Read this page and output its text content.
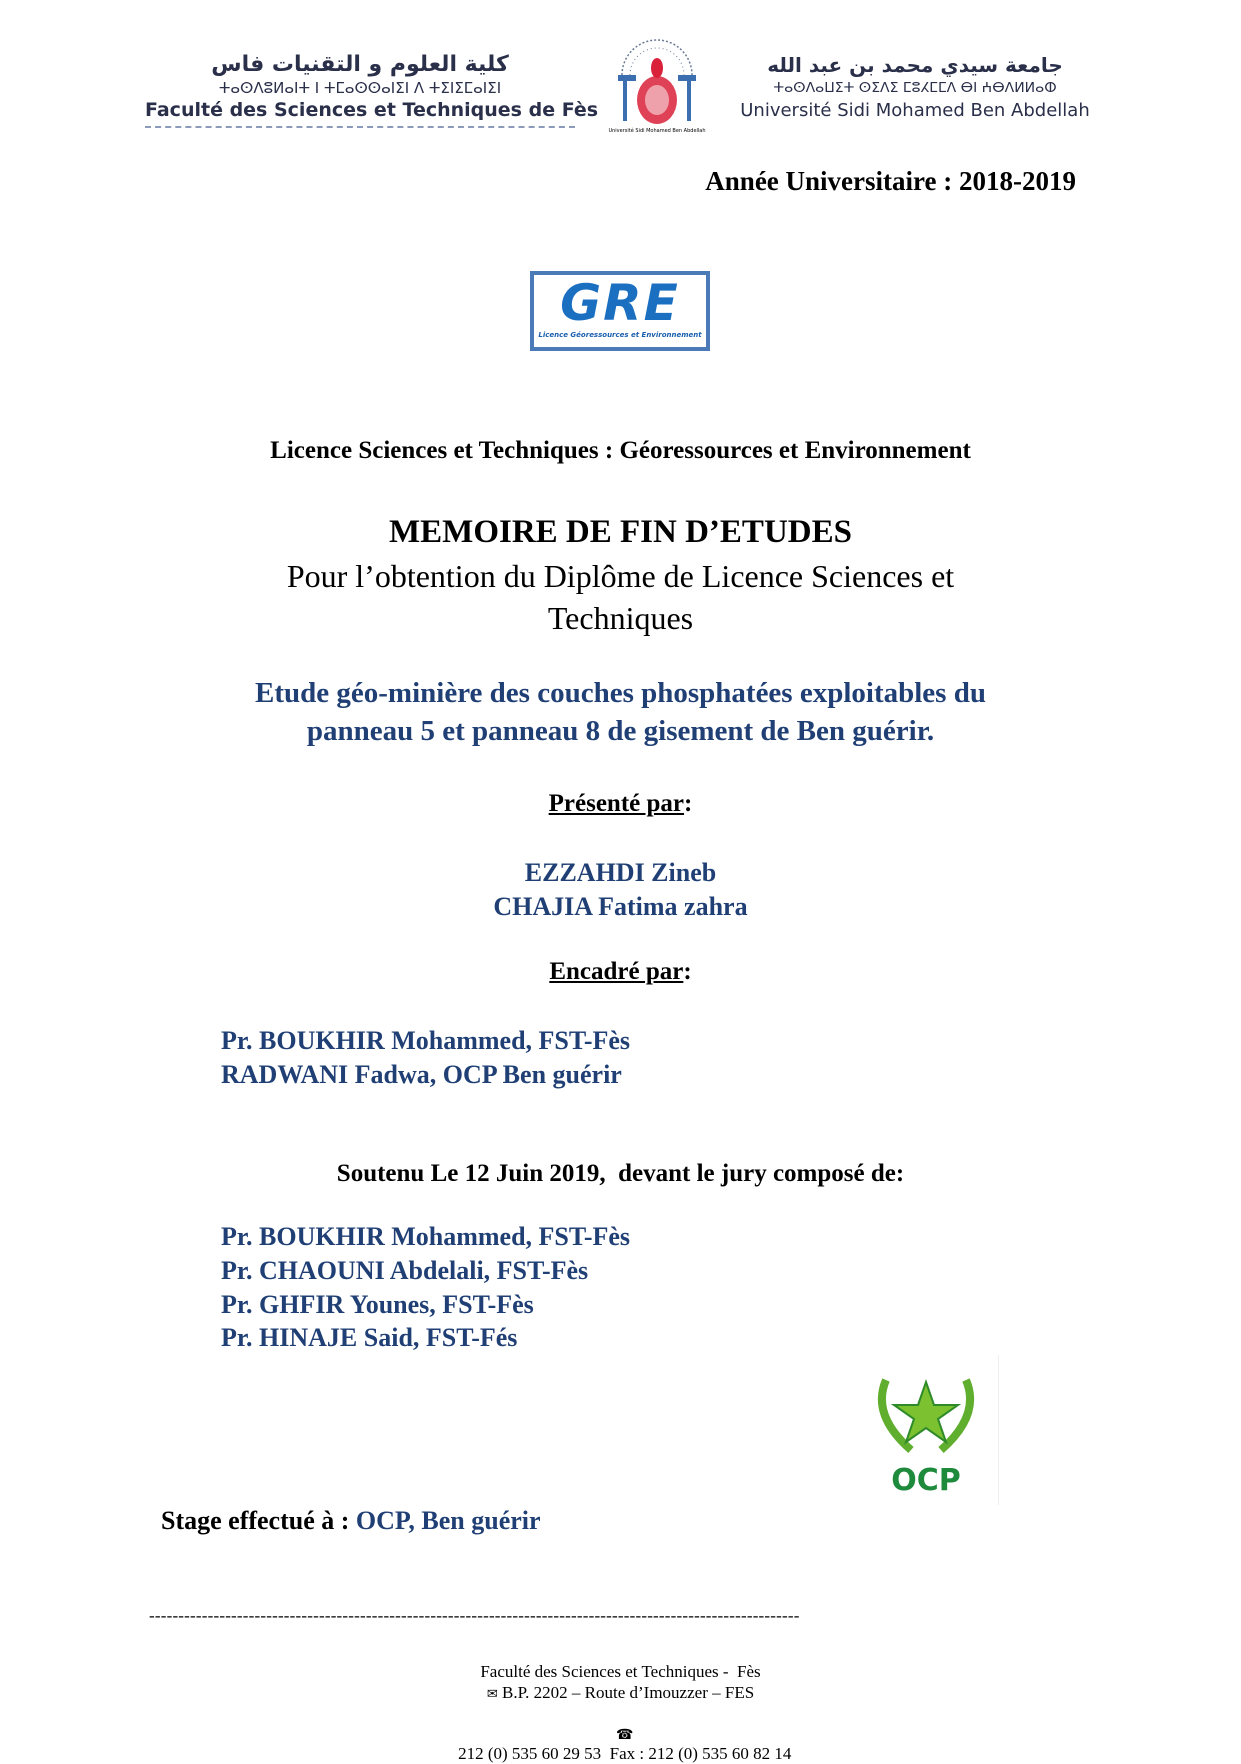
كلية العلوم و التقنيات فاس
ⵜⴰⵙⴷⵓⵍⴰⵏⵜ ⵏ ⵜⵎⴰⵙⵙⴰⵏⵉⵏ ⴷ ⵜⵉⵏⵉⵎⴰⵏⵉⵏ
Faculté des Sciences et Techniques de Fès
Université Sidi Mohamed Ben Abdellah
جامعة سيدي محمد بن عبد الله
ⵜⴰⵙⴷⴰⵡⵉⵜ ⵙⵉⴷⵉ ⵎⵓⵃⵎⵎⴷ ⴱⵏ ⵄⴱⴷⵍⵍⴰⵀ
Université Sidi Mohamed Ben Abdellah
Année Universitaire : 2018-2019
GRE
Licence Géoressources et Environnement
Licence Sciences et Techniques : Géoressources et Environnement
MEMOIRE DE FIN D’ETUDES
Pour l’obtention du Diplôme de Licence Sciences et
Techniques
Etude géo-minière des couches phosphatées exploitables du
panneau 5 et panneau 8 de gisement de Ben guérir.
Présenté par:
EZZAHDI Zineb
CHAJIA Fatima zahra
Encadré par:
Pr. BOUKHIR Mohammed, FST-Fès
RADWANI Fadwa, OCP Ben guérir
Soutenu Le 12 Juin 2019,  devant le jury composé de:
Pr. BOUKHIR Mohammed, FST-Fès
Pr. CHAOUNI Abdelali, FST-Fès
Pr. GHFIR Younes, FST-Fès
Pr. HINAJE Said, FST-Fés
OCP

Stage effectué à : OCP, Ben guérir

---------------------------------------------------------------------------------------------------------------
Faculté des Sciences et Techniques -  Fès
✉ B.P. 2202 – Route d’Imouzzer – FES

☎
212 (0) 535 60 29 53  Fax : 212 (0) 535 60 82 14
